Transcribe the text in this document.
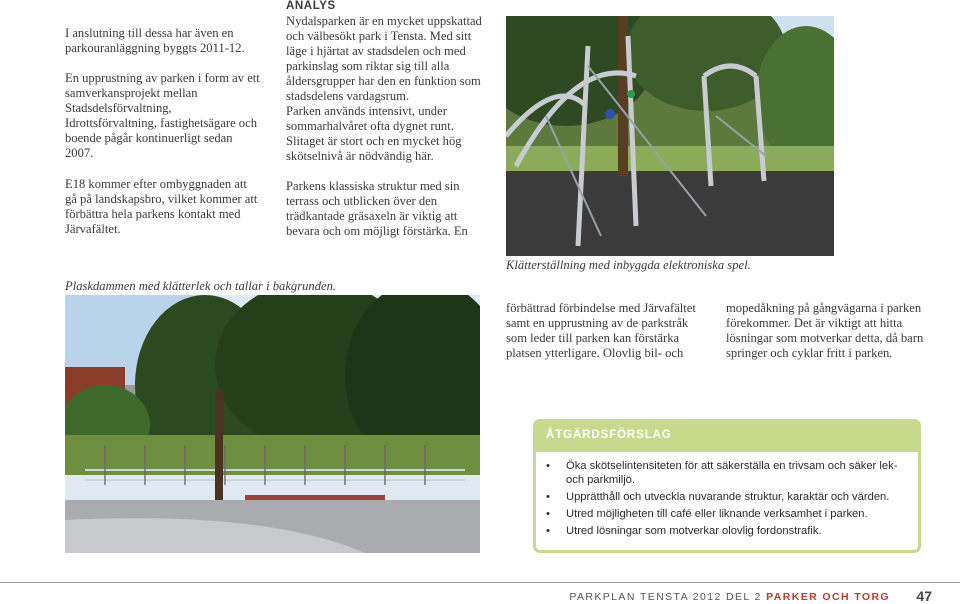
I anslutning till dessa har även en parkouranläggning byggts 2011-12.

En upprustning av parken i form av ett samverkansprojekt mellan Stadsdelsförvaltning, Idrottsförvaltning, fastighetsägare och boende pågår kontinuerligt sedan 2007.

E18 kommer efter ombyggnaden att gå på landskapsbro, vilket kommer att förbättra hela parkens kontakt med Järvafältet.

ANALYS

Nydalsparken är en mycket uppskattad och välbesökt park i Tensta. Med sitt läge i hjärtat av stadsdelen och med parkinslag som riktar sig till alla åldersgrupper har den en funktion som stadsdelens vardagsrum.

Parken används intensivt, under sommarhalvåret ofta dygnet runt.

Slitaget är stort och en mycket hög skötselnivå är nödvändig här.

Parkens klassiska struktur med sin terrass och utblicken över den trädkantade gräsaxeln är viktig att bevara och om möjligt förstärka. En

Klätterställning med inbyggda elektroniska spel.

Plaskdammen med klätterlek och tallar i bakgrunden.

förbättrad förbindelse med Järvafältet samt en upprustning av de parkstråk som leder till parken kan förstärka platsen ytterligare. Olovlig bil- och

mopedåkning på gångvägarna i parken förekommer. Det är viktigt att hitta lösningar som motverkar detta, då barn springer och cyklar fritt i parken.

ÅTGÄRDSFÖRSLAG
• Öka skötselintensiteten för att säkerställa en trivsam och säker lek- och parkmiljö.
• Upprätthåll och utveckla nuvarande struktur, karaktär och värden.
• Utred möjligheten till café eller liknande verksamhet i parken.
• Utred lösningar som motverkar olovlig fordonstrafik.
PARKPLAN TENSTA 2012 DEL 2 PARKER OCH TORG 47
